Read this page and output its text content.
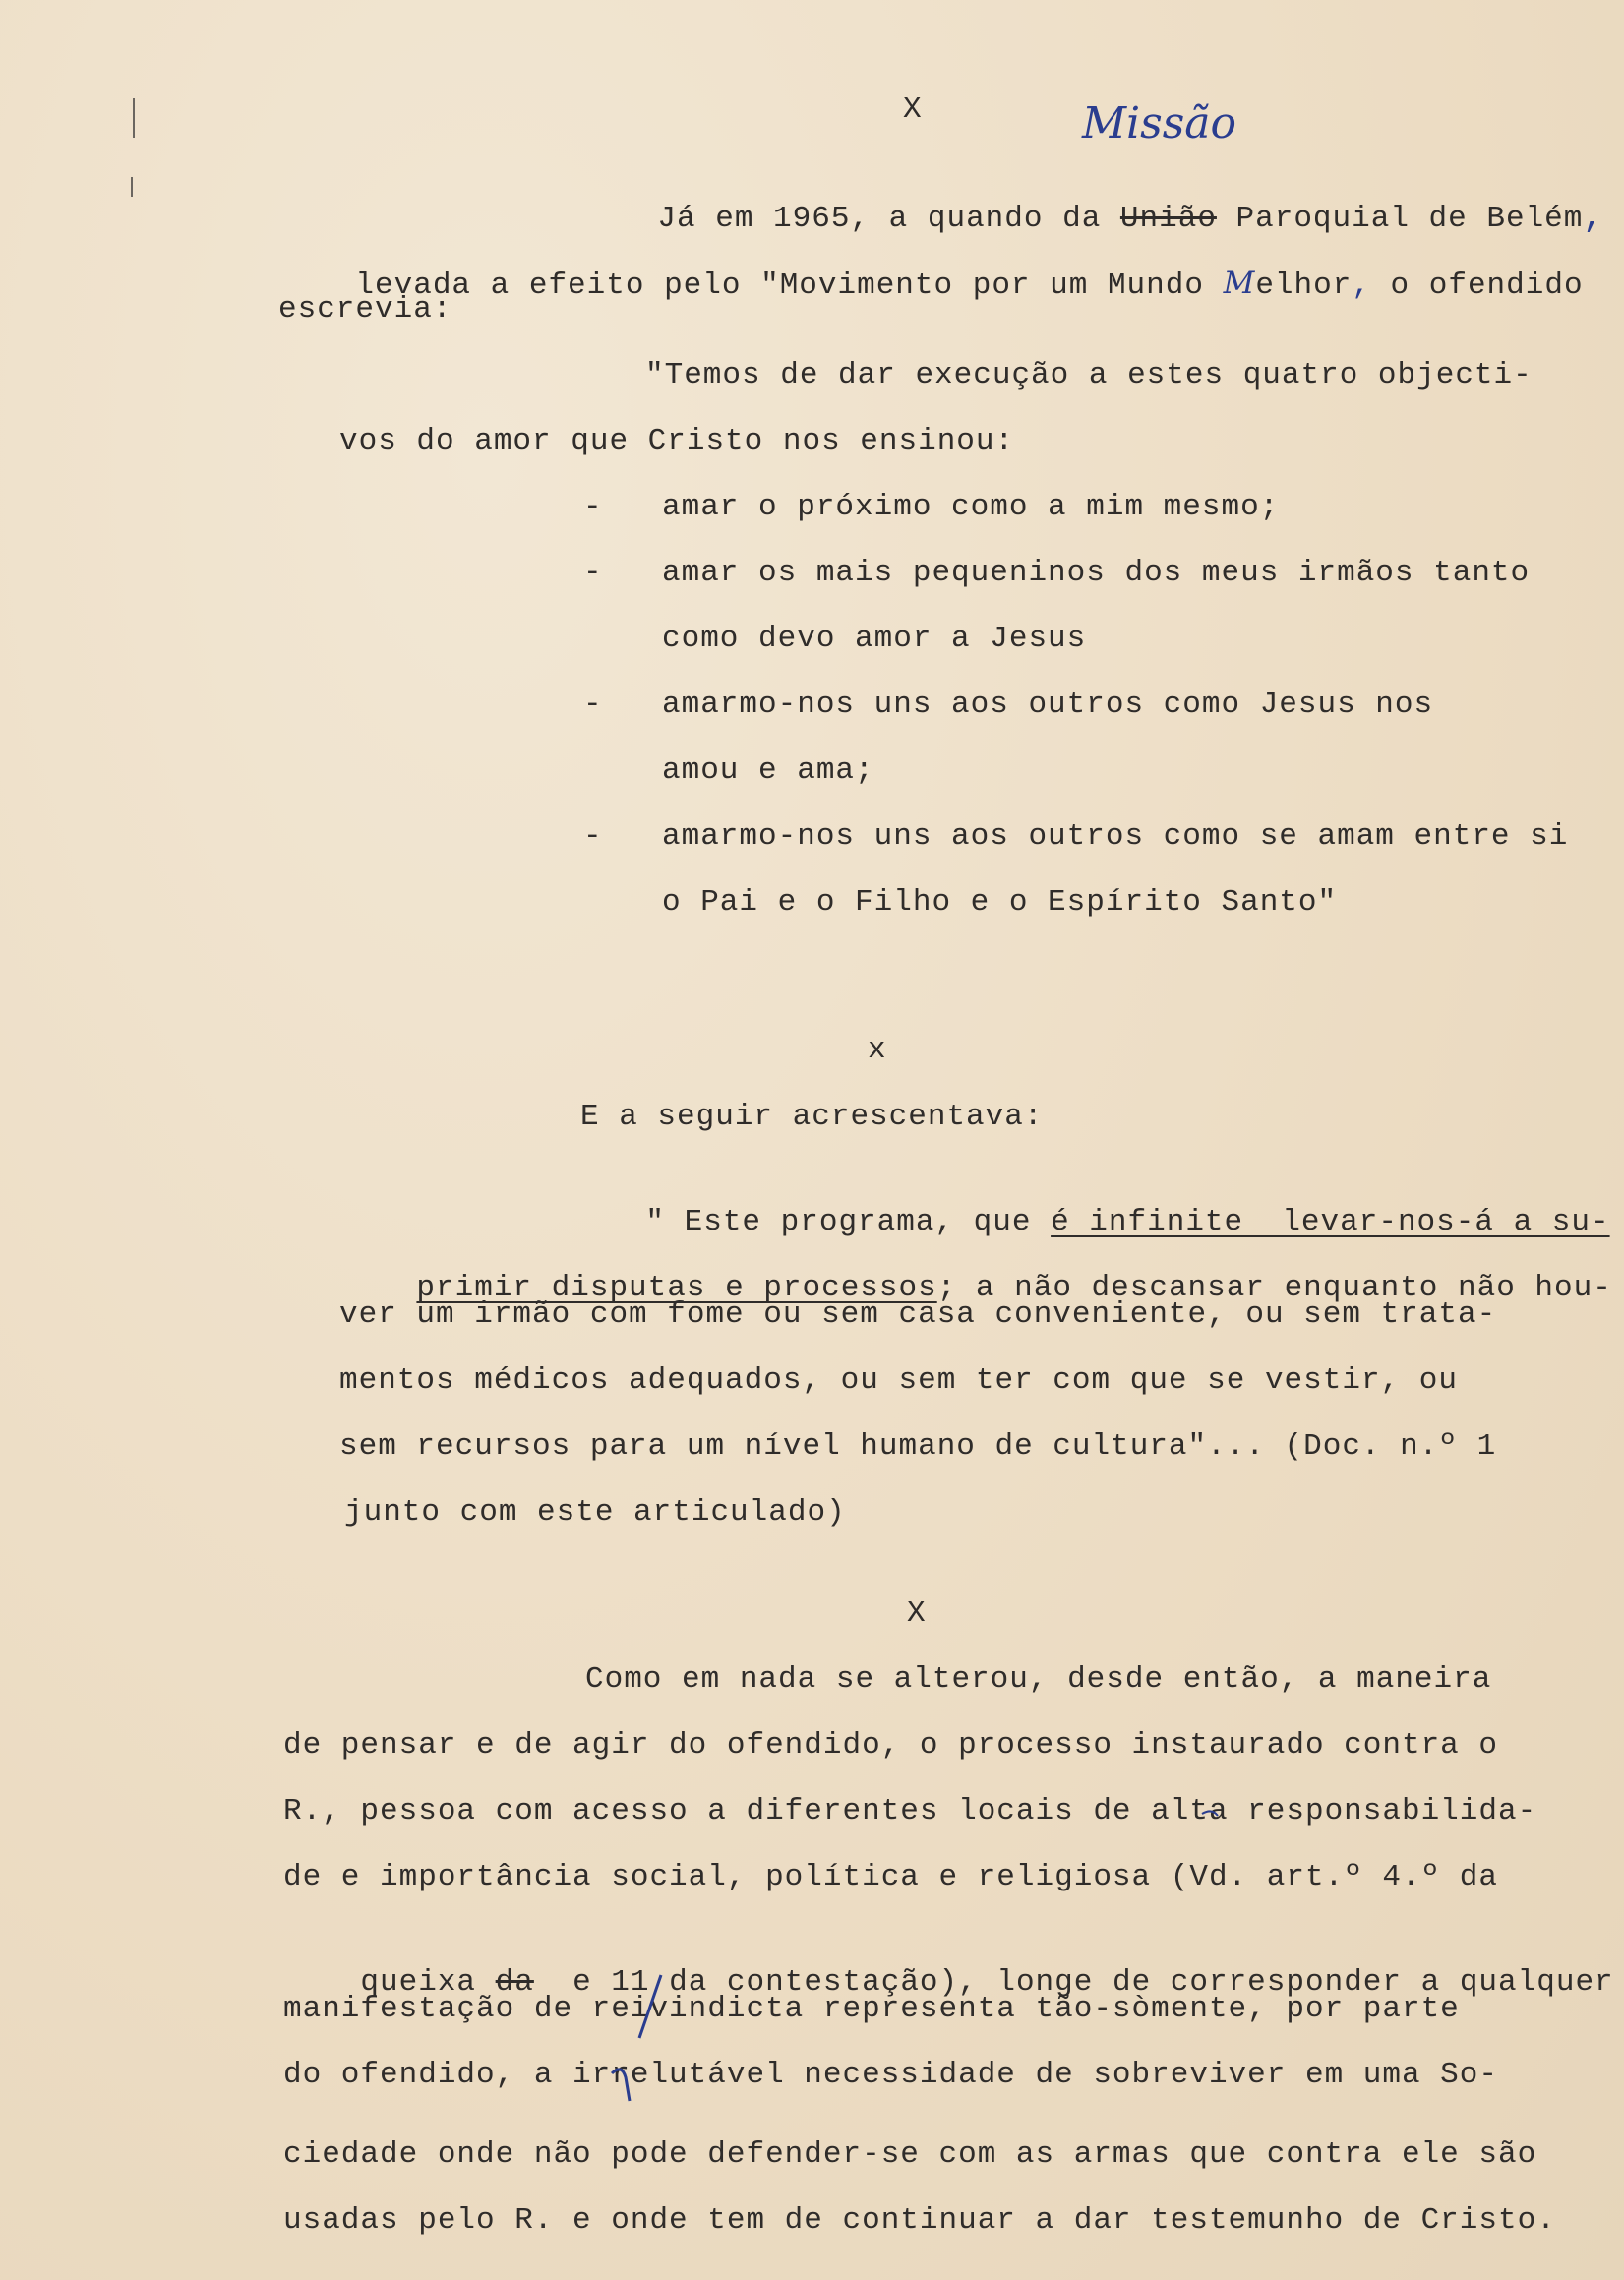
X	Missão

Já em 1965, a quando da União Paroquial de Belém,

levada a efeito pelo "Movimento por um Mundo Melhor, o ofendido

escrevia:
"Temos de dar execução a estes quatro objecti-
vos do amor que Cristo nos ensinou:
- amar o próximo como a mim mesmo;
- amar os mais pequeninos dos meus irmãos tanto
como devo amor a Jesus
- amarmo-nos uns aos outros como Jesus nos
amou e ama;
- amarmo-nos uns aos outros como se amam entre si
o Pai e o Filho e o Espírito Santo"
x
E a seguir acrescentava:

" Este programa, que é infinite  levar-nos-á a su-

primir disputas e processos; a não descansar enquanto não hou-

ver um irmão com fome ou sem casa conveniente, ou sem trata-
mentos médicos adequados, ou sem ter com que se vestir, ou
sem recursos para um nível humano de cultura"... (Doc. n.º 1
junto com este articulado)
X
Como em nada se alterou, desde então, a maneira
de pensar e de agir do ofendido, o processo instaurado contra o
R., pessoa com acesso a diferentes locais de alta responsabilida-
de e importância social, política e religiosa (Vd. art.º 4.º da

queixa da  e 11 da contestação), longe de corresponder a qualquer

manifestação de reivindicta representa tão-sòmente, por parte
do ofendido, a irrelutável necessidade de sobreviver em uma So-
ciedade onde não pode defender-se com as armas que contra ele são
usadas pelo R. e onde tem de continuar a dar testemunho de Cristo.
